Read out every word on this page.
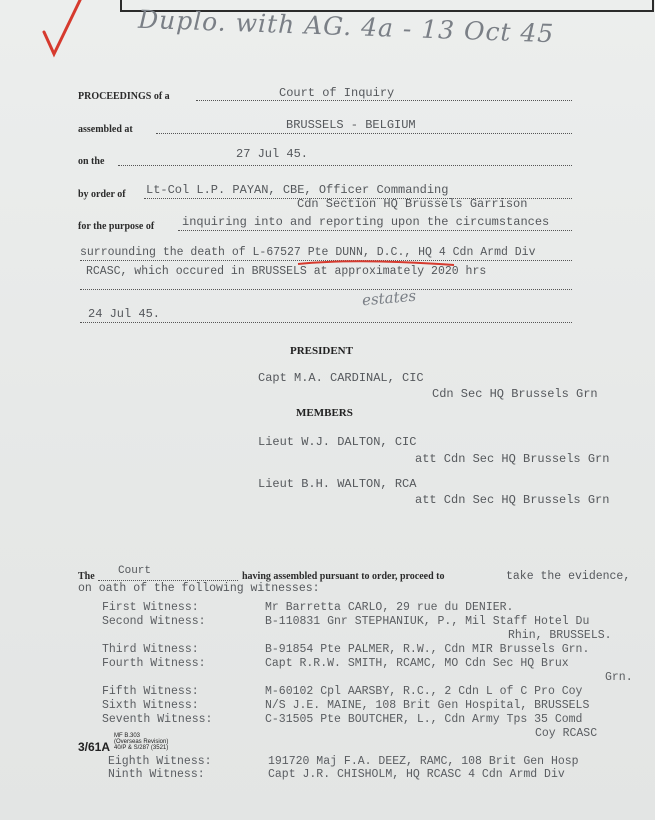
Duplo. with AG. 4a - 13 Oct 45
PROCEEDINGS of a	Court of Inquiry
assembled at	BRUSSELS - BELGIUM
on the
27 Jul 45.
by order of Lt-Col L.P. PAYAN, CBE, Officer Commanding
Cdn Section HQ Brussels Garrison
for the purpose of inquiring into and reporting upon the circumstances
surrounding the death of L-67527 Pte DUNN, D.C., HQ 4 Cdn Armd Div
RCASC, which occured in BRUSSELS at approximately 2020 hrs
estates
24 Jul 45.
PRESIDENT
Capt M.A. CARDINAL, CIC
Cdn Sec HQ Brussels Grn
MEMBERS
Lieut W.J. DALTON, CIC
att Cdn Sec HQ Brussels Grn
Lieut B.H. WALTON, RCA
att Cdn Sec HQ Brussels Grn
The Court	having assembled pursuant to order, proceed to	take the evidence,
on oath of the following witnesses:
First Witness:	Mr Barretta CARLO, 29 rue du DENIER.
Second Witness:	B-110831 Gnr STEPHANIUK, P., Mil Staff Hotel Du
Rhin, BRUSSELS.
Third Witness:	B-91854 Pte PALMER, R.W., Cdn MIR Brussels Grn.
Fourth Witness:	Capt R.R.W. SMITH, RCAMC, MO Cdn Sec HQ Brux
Grn.
Fifth Witness:	M-60102 Cpl AARSBY, R.C., 2 Cdn L of C Pro Coy
Sixth Witness:	N/S J.E. MAINE, 108 Brit Gen Hospital, BRUSSELS
Seventh Witness:	C-31505 Pte BOUTCHER, L., Cdn Army Tps 35 Comd
Coy RCASC
Eighth Witness:	191720 Maj F.A. DEEZ, RAMC, 108 Brit Gen Hosp
Ninth Witness:	Capt J.R. CHISHOLM, HQ RCASC 4 Cdn Armd Div
3/61A
MF B.303
(Overseas Revision)
40/P & S/287 (3521)
